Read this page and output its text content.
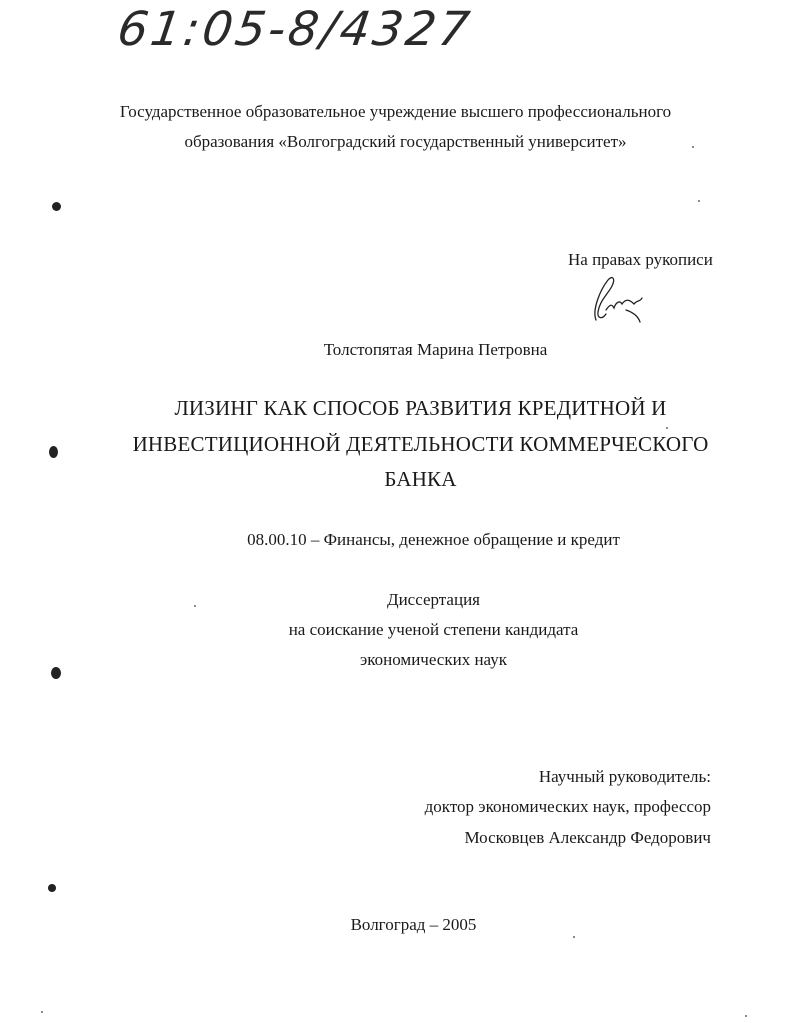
61:05-8/4327
Государственное образовательное учреждение высшего профессионального
образования «Волгоградский государственный университет»
На правах рукописи
Толстопятая Марина Петровна
ЛИЗИНГ КАК СПОСОБ РАЗВИТИЯ КРЕДИТНОЙ И
ИНВЕСТИЦИОННОЙ ДЕЯТЕЛЬНОСТИ КОММЕРЧЕСКОГО
БАНКА
08.00.10 – Финансы, денежное обращение и кредит
Диссертация
на соискание ученой степени кандидата
экономических наук
Научный руководитель:
доктор экономических наук, профессор
Московцев Александр Федорович
Волгоград – 2005
